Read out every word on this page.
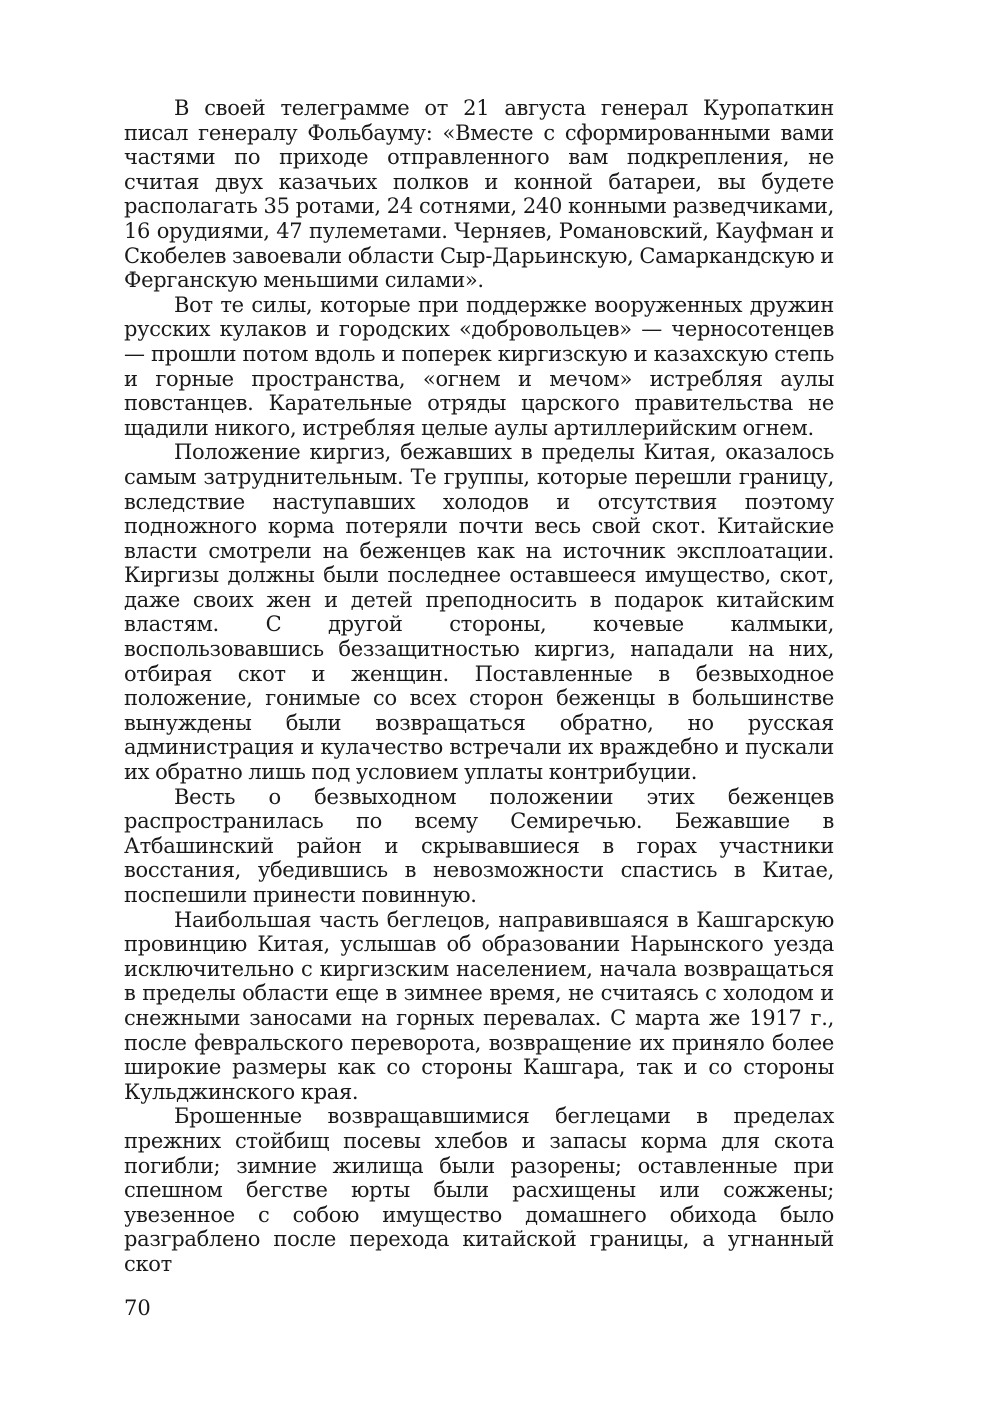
В своей телеграмме от 21 августа генерал Куропаткин писал генералу Фольбауму: «Вместе с сформированными вами частями по приходе отправленного вам подкрепления, не считая двух казачьих полков и конной батареи, вы будете располагать 35 ротами, 24 сотнями, 240 конными разведчиками, 16 орудиями, 47 пулеметами. Черняев, Романовский, Кауфман и Скобелев завоевали области Сыр-Дарьинскую, Самаркандскую и Ферганскую меньшими силами».

Вот те силы, которые при поддержке вооруженных дружин русских кулаков и городских «добровольцев» — черносотенцев — прошли потом вдоль и поперек киргизскую и казахскую степь и горные пространства, «огнем и мечом» истребляя аулы повстанцев. Карательные отряды царского правительства не щадили никого, истребляя целые аулы артиллерийским огнем.

Положение киргиз, бежавших в пределы Китая, оказалось самым затруднительным. Те группы, которые перешли границу, вследствие наступавших холодов и отсутствия поэтому подножного корма потеряли почти весь свой скот. Китайские власти смотрели на беженцев как на источник эксплоатации. Киргизы должны были последнее оставшееся имущество, скот, даже своих жен и детей преподносить в подарок китайским властям. С другой стороны, кочевые калмыки, воспользовавшись беззащитностью киргиз, нападали на них, отбирая скот и женщин. Поставленные в безвыходное положение, гонимые со всех сторон беженцы в большинстве вынуждены были возвращаться обратно, но русская администрация и кулачество встречали их враждебно и пускали их обратно лишь под условием уплаты контрибуции.

Весть о безвыходном положении этих беженцев распространилась по всему Семиречью. Бежавшие в Атбашинский район и скрывавшиеся в горах участники восстания, убедившись в невозможности спастись в Китае, поспешили принести повинную.

Наибольшая часть беглецов, направившаяся в Кашгарскую провинцию Китая, услышав об образовании Нарынского уезда исключительно с киргизским населением, начала возвращаться в пределы области еще в зимнее время, не считаясь с холодом и снежными заносами на горных перевалах. С марта же 1917 г., после февральского переворота, возвращение их приняло более широкие размеры как со стороны Кашгара, так и со стороны Кульджинского края.

Брошенные возвращавшимися беглецами в пределах прежних стойбищ посевы хлебов и запасы корма для скота погибли; зимние жилища были разорены; оставленные при спешном бегстве юрты были расхищены или сожжены; увезенное с собою имущество домашнего обихода было разграблено после перехода китайской границы, а угнанный скот

70
